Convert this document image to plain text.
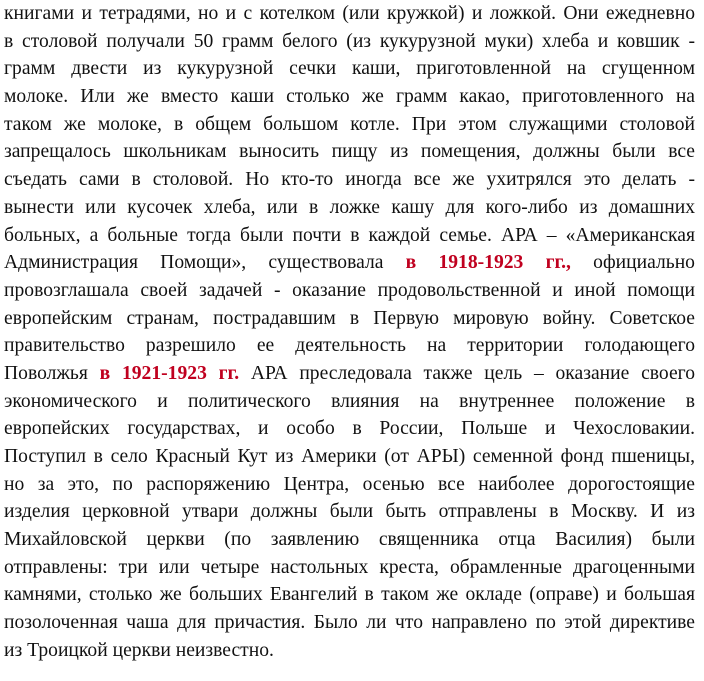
книгами и тетрадями, но и с котелком (или кружкой) и ложкой. Они ежедневно
в столовой получали 50 грамм белого (из кукурузной муки) хлеба и ковшик -
грамм двести из кукурузной сечки каши, приготовленной на сгущенном
молоке. Или же вместо каши столько же грамм какао, приготовленного на
таком же молоке, в общем большом котле. При этом служащими столовой
запрещалось школьникам выносить пищу из помещения, должны были все
съедать сами в столовой. Но кто-то иногда все же ухитрялся это делать -
вынести или кусочек хлеба, или в ложке кашу для кого-либо из домашних
больных, а больные тогда были почти в каждой семье. АРА – «Американская
Администрация Помощи», существовала в 1918-1923 гг., официально
провозглашала своей задачей - оказание продовольственной и иной помощи
европейским странам, пострадавшим в Первую мировую войну. Советское
правительство разрешило ее деятельность на территории голодающего
Поволжья в 1921-1923 гг. АРА преследовала также цель – оказание своего
экономического и политического влияния на внутреннее положение в
европейских государствах, и особо в России, Польше и Чехословакии.
Поступил в село Красный Кут из Америки (от АРЫ) семенной фонд пшеницы,
но за это, по распоряжению Центра, осенью все наиболее дорогостоящие
изделия церковной утвари должны были быть отправлены в Москву. И из
Михайловской церкви (по заявлению священника отца Василия) были
отправлены: три или четыре настольных креста, обрамленные драгоценными
камнями, столько же больших Евангелий в таком же окладе (оправе) и большая
позолоченная чаша для причастия. Было ли что направлено по этой директиве
из Троицкой церкви неизвестно.
